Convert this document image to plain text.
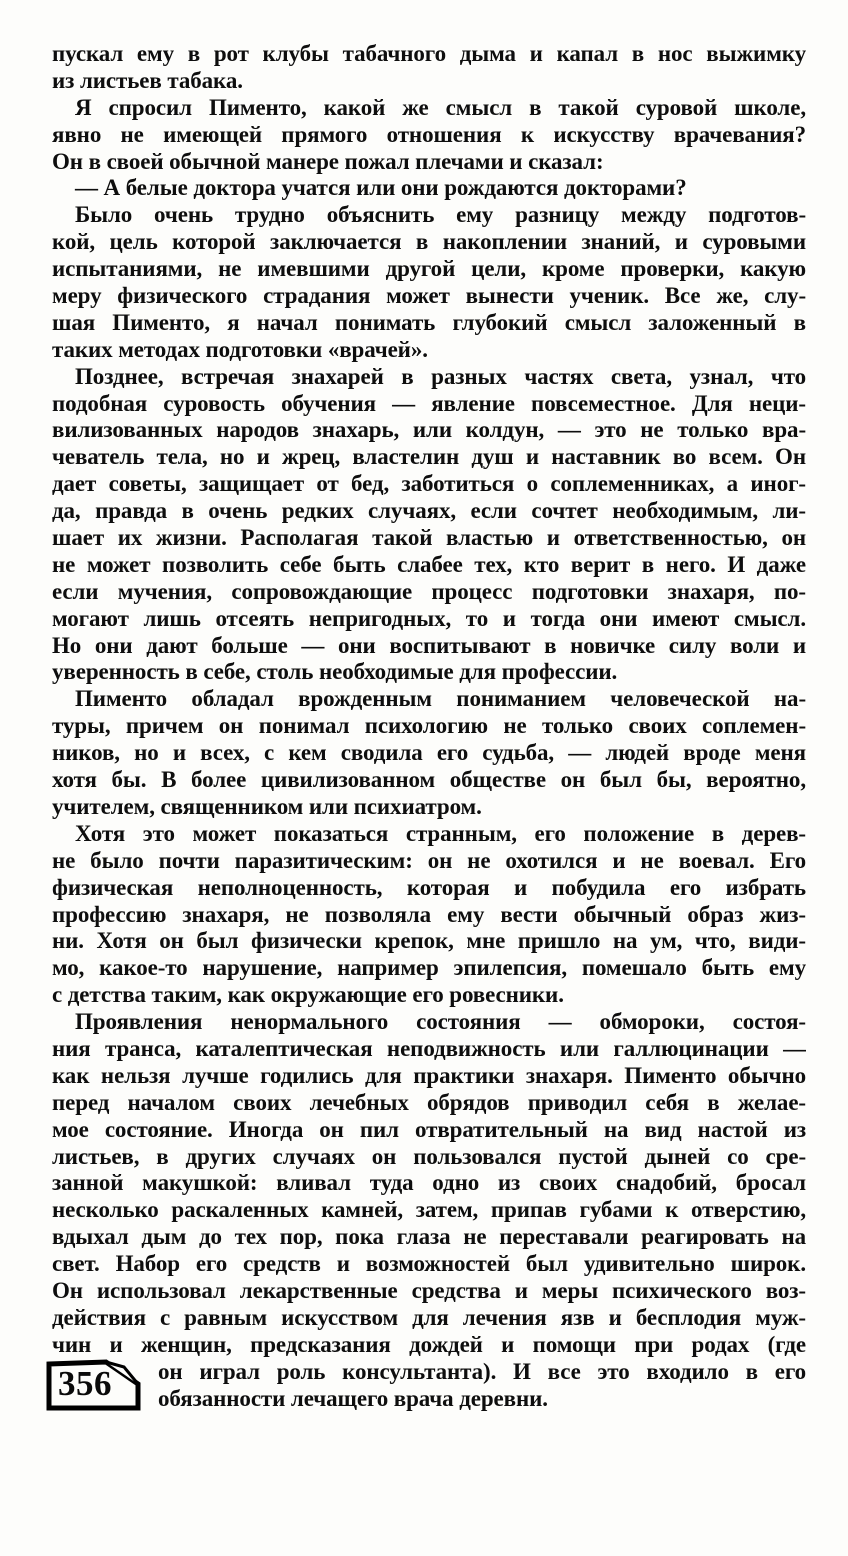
пускал ему в рот клубы табачного дыма и капал в нос выжимку
из листьев табака.
Я спросил Пименто, какой же смысл в такой суровой школе,
явно не имеющей прямого отношения к искусству врачевания?
Он в своей обычной манере пожал плечами и сказал:
— А белые доктора учатся или они рождаются докторами?
Было очень трудно объяснить ему разницу между подготов-
кой, цель которой заключается в накоплении знаний, и суровыми
испытаниями, не имевшими другой цели, кроме проверки, какую
меру физического страдания может вынести ученик. Все же, слу-
шая Пименто, я начал понимать глубокий смысл заложенный в
таких методах подготовки «врачей».
Позднее, встречая знахарей в разных частях света, узнал, что
подобная суровость обучения — явление повсеместное. Для неци-
вилизованных народов знахарь, или колдун, — это не только вра-
чеватель тела, но и жрец, властелин душ и наставник во всем. Он
дает советы, защищает от бед, заботиться о соплеменниках, а иног-
да, правда в очень редких случаях, если сочтет необходимым, ли-
шает их жизни. Располагая такой властью и ответственностью, он
не может позволить себе быть слабее тех, кто верит в него. И даже
если мучения, сопровождающие процесс подготовки знахаря, по-
могают лишь отсеять непригодных, то и тогда они имеют смысл.
Но они дают больше — они воспитывают в новичке силу воли и
уверенность в себе, столь необходимые для профессии.
Пименто обладал врожденным пониманием человеческой на-
туры, причем он понимал психологию не только своих соплемен-
ников, но и всех, с кем сводила его судьба, — людей вроде меня
хотя бы. В более цивилизованном обществе он был бы, вероятно,
учителем, священником или психиатром.
Хотя это может показаться странным, его положение в дерев-
не было почти паразитическим: он не охотился и не воевал. Его
физическая неполноценность, которая и побудила его избрать
профессию знахаря, не позволяла ему вести обычный образ жиз-
ни. Хотя он был физически крепок, мне пришло на ум, что, види-
мо, какое-то нарушение, например эпилепсия, помешало быть ему
с детства таким, как окружающие его ровесники.
Проявления ненормального состояния — обмороки, состоя-
ния транса, каталептическая неподвижность или галлюцинации —
как нельзя лучше годились для практики знахаря. Пименто обычно
перед началом своих лечебных обрядов приводил себя в желае-
мое состояние. Иногда он пил отвратительный на вид настой из
листьев, в других случаях он пользовался пустой дыней со сре-
занной макушкой: вливал туда одно из своих снадобий, бросал
несколько раскаленных камней, затем, припав губами к отверстию,
вдыхал дым до тех пор, пока глаза не переставали реагировать на
свет. Набор его средств и возможностей был удивительно широк.
Он использовал лекарственные средства и меры психического воз-
действия с равным искусством для лечения язв и бесплодия муж-
чин и женщин, предсказания дождей и помощи при родах (где
он играл роль консультанта). И все это входило в его
обязанности лечащего врача деревни.
356
